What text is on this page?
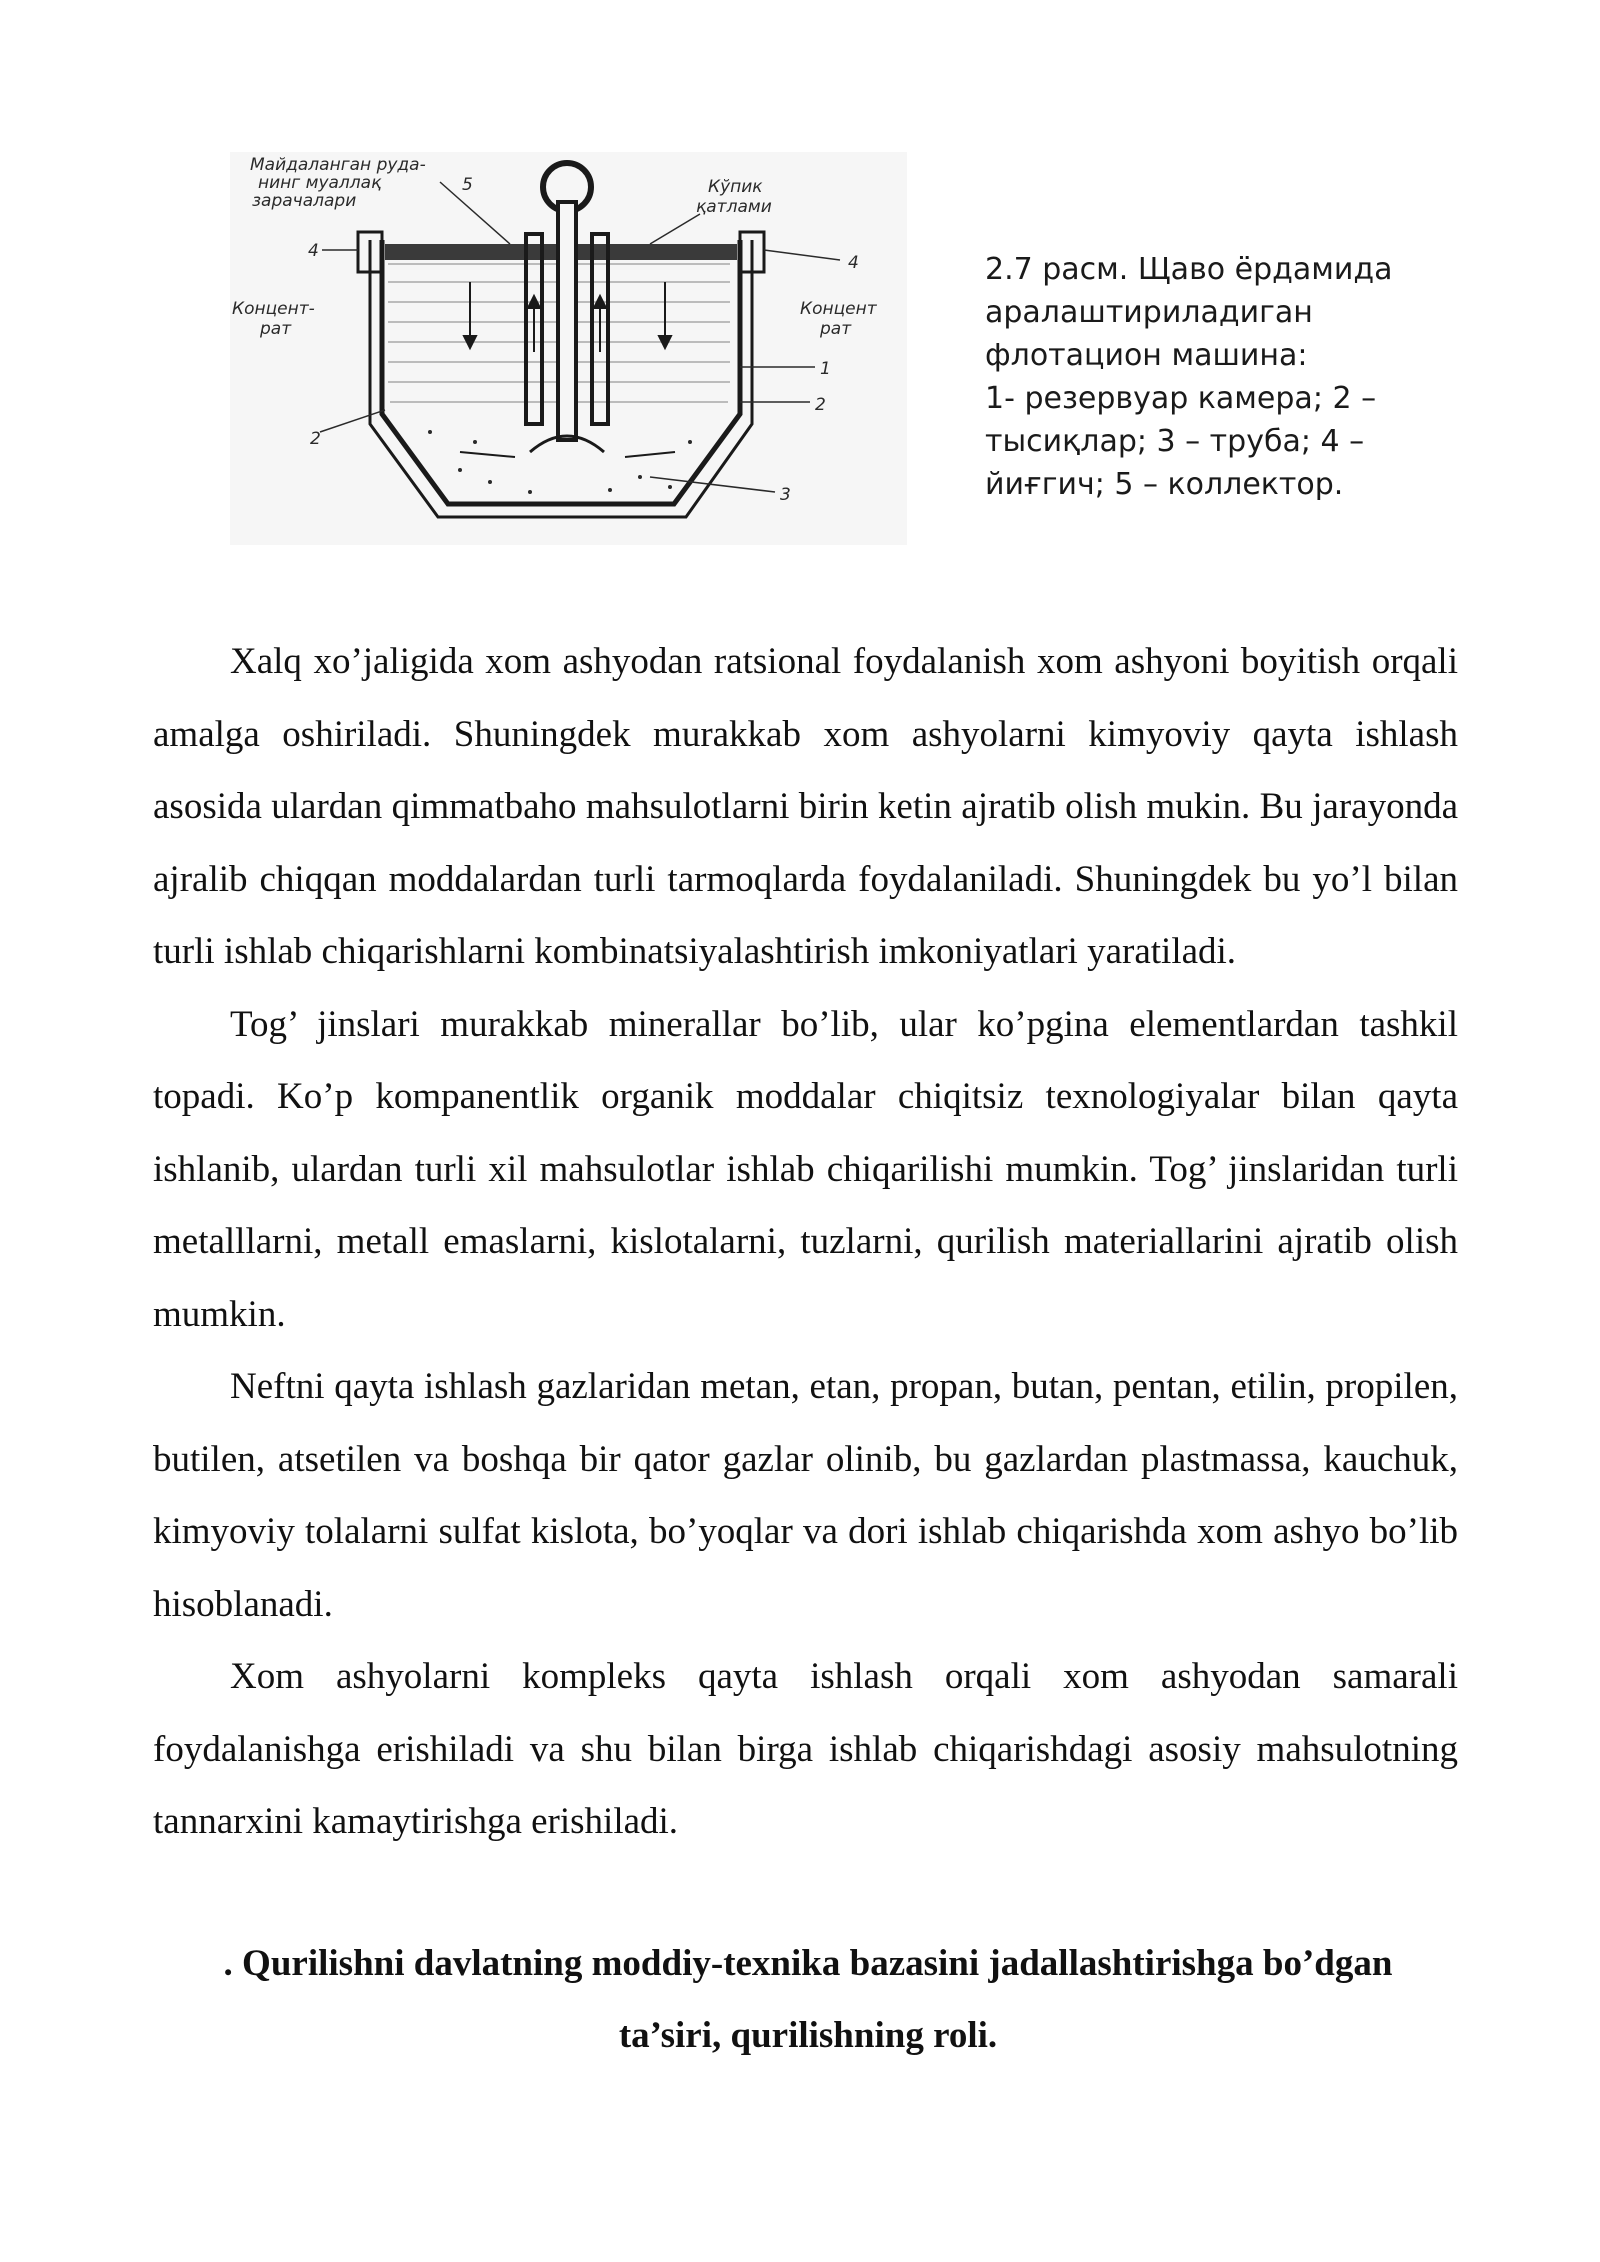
Майдаланган руда-
нинг муаллақ
зарачалари
5	Кўпик
қатлами
4
4
Концент-
рат
Концент
рат
1
2
2
3
2.7 расм. Щаво ёрдамида
аралаштириладиган
флотацион машина:
1- резервуар камера; 2 –
тысиқлар; 3 – труба; 4 –
йиғгич; 5 – коллектор.

Xalq xo’jaligida xom ashyodan ratsional foydalanish xom ashyoni boyitish orqali amalga oshiriladi. Shuningdek murakkab xom ashyolarni kimyoviy qayta ishlash asosida ulardan qimmatbaho mahsulotlarni birin ketin ajratib olish mukin. Bu jarayonda ajralib chiqqan moddalardan turli tarmoqlarda foydalaniladi. Shuningdek bu yo’l bilan turli ishlab chiqarishlarni kombinatsiyalashtirish imkoniyatlari yaratiladi.

Tog’ jinslari murakkab minerallar bo’lib, ular ko’pgina elementlardan tashkil topadi. Ko’p kompanentlik organik moddalar chiqitsiz texnologiyalar bilan qayta ishlanib, ulardan turli xil mahsulotlar ishlab chiqarilishi mumkin. Tog’ jinslaridan turli metalllarni, metall emaslarni, kislotalarni, tuzlarni, qurilish materiallarini ajratib olish mumkin.

Neftni qayta ishlash gazlaridan metan, etan, propan, butan, pentan, etilin, propilen, butilen, atsetilen va boshqa bir qator gazlar olinib, bu gazlardan plastmassa, kauchuk, kimyoviy tolalarni sulfat kislota, bo’yoqlar va dori ishlab chiqarishda xom ashyo bo’lib hisoblanadi.

Xom ashyolarni kompleks qayta ishlash orqali xom ashyodan samarali foydalanishga erishiladi va shu bilan birga ishlab chiqarishdagi asosiy mahsulotning tannarxini kamaytirishga erishiladi.

. Qurilishni davlatning moddiy-texnika bazasini jadallashtirishga bo’dgan
ta’siri, qurilishning roli.
